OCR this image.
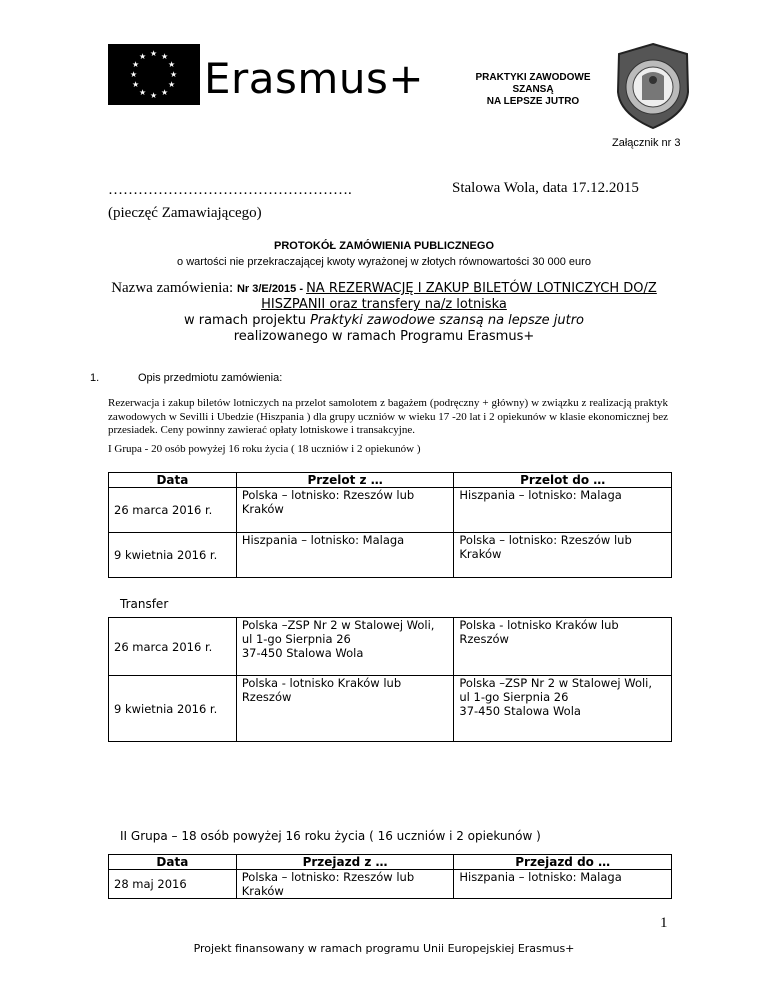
★ ★
★
★
★
★
★
★
★
★
★
★ Erasmus+	PRAKTYKI ZAWODOWE
SZANSĄ
NA LEPSZE JUTRO
Załącznik nr 3
………………………………………….	Stalowa Wola, data 17.12.2015
(pieczęć Zamawiającego)
PROTOKÓŁ ZAMÓWIENIA PUBLICZNEGO
o wartości nie przekraczającej kwoty wyrażonej w złotych równowartości 30 000 euro
Nazwa zamówienia: Nr 3/E/2015 - NA REZERWACJĘ I ZAKUP BILETÓW LOTNICZYCH DO/Z
HISZPANII oraz transfery na/z lotniska
w ramach projektu Praktyki zawodowe szansą na lepsze jutro
realizowanego w ramach Programu Erasmus+
1.	Opis przedmiotu zamówienia:
Rezerwacja i zakup biletów lotniczych na przelot samolotem z bagażem (podręczny + główny) w związku z realizacją praktyk zawodowych w Sevilli i Ubedzie (Hiszpania ) dla grupy uczniów w wieku 17 -20 lat i 2 opiekunów w klasie ekonomicznej bez przesiadek. Ceny powinny zawierać opłaty lotniskowe i transakcyjne.
I Grupa - 20 osób powyżej 16 roku życia ( 18 uczniów i 2 opiekunów )
Data	Przelot z …	Przelot do …
26 marca 2016 r.	Polska – lotnisko: Rzeszów lub Kraków	Hiszpania – lotnisko: Malaga
9 kwietnia 2016 r.	Hiszpania – lotnisko: Malaga	Polska – lotnisko: Rzeszów lub Kraków
Transfer
26 marca 2016 r.	Polska –ZSP Nr 2 w Stalowej Woli, ul 1-go Sierpnia 26
37-450 Stalowa Wola	Polska - lotnisko Kraków lub Rzeszów

9 kwietnia 2016 r.	Polska - lotnisko Kraków lub Rzeszów	Polska –ZSP Nr 2 w Stalowej Woli, ul 1-go Sierpnia 26
37-450 Stalowa Wola
II Grupa – 18 osób powyżej 16 roku życia ( 16 uczniów i 2 opiekunów )
Data	Przejazd z …	Przejazd do …
28 maj 2016	Polska – lotnisko: Rzeszów lub Kraków	Hiszpania – lotnisko: Malaga
1
Projekt finansowany w ramach programu Unii Europejskiej Erasmus+
